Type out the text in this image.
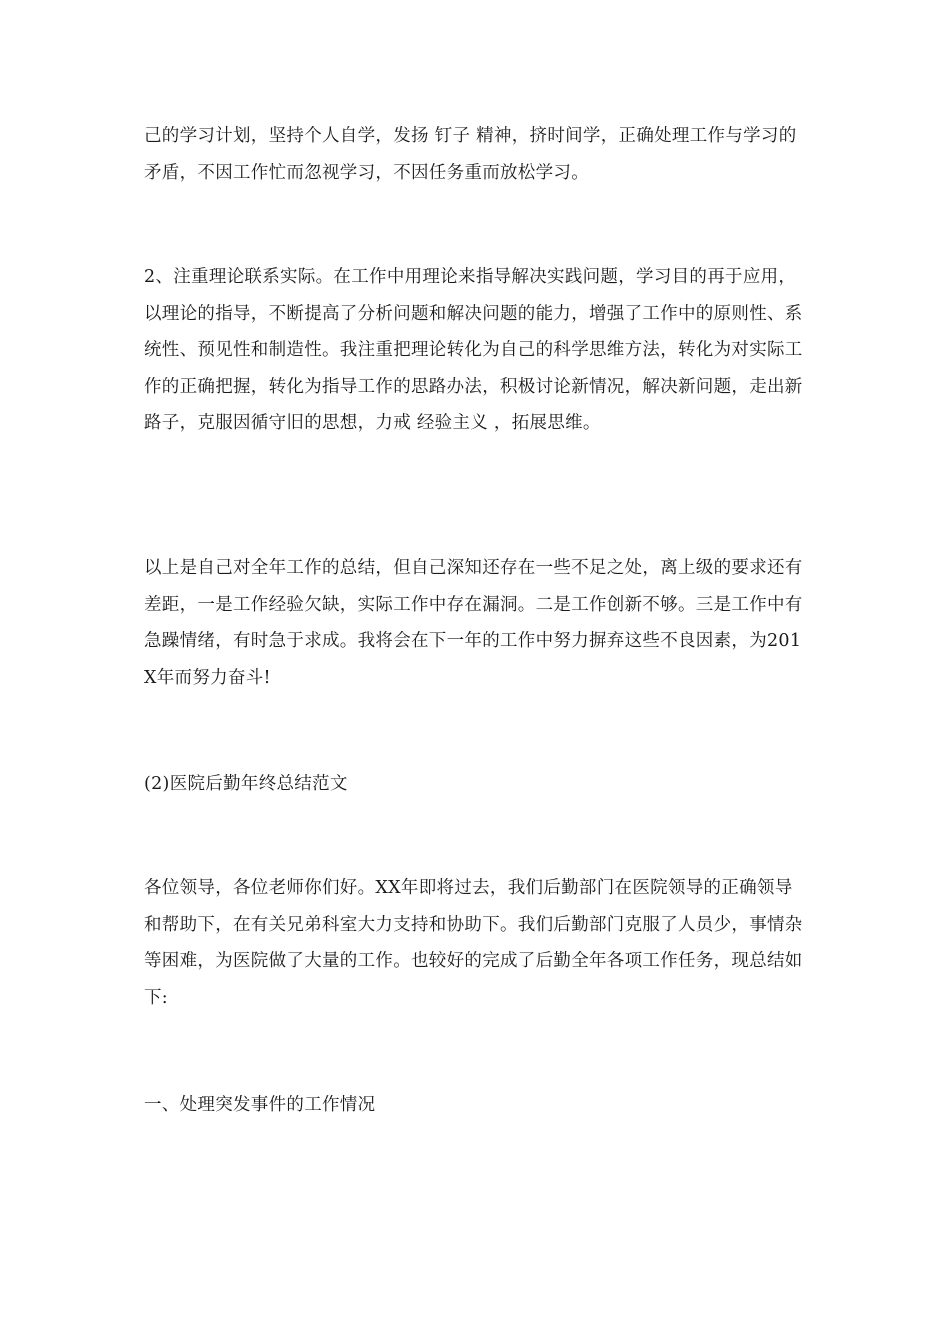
己的学习计划，坚持个人自学，发扬 钉子 精神，挤时间学，正确处理工作与学习的矛盾，不因工作忙而忽视学习，不因任务重而放松学习。

2、注重理论联系实际。在工作中用理论来指导解决实践问题，学习目的再于应用，以理论的指导，不断提高了分析问题和解决问题的能力，增强了工作中的原则性、系统性、预见性和制造性。我注重把理论转化为自己的科学思维方法，转化为对实际工作的正确把握，转化为指导工作的思路办法，积极讨论新情况，解决新问题，走出新路子，克服因循守旧的思想，力戒 经验主义 ，拓展思维。

以上是自己对全年工作的总结，但自己深知还存在一些不足之处，离上级的要求还有差距，一是工作经验欠缺，实际工作中存在漏洞。二是工作创新不够。三是工作中有急躁情绪，有时急于求成。我将会在下一年的工作中努力摒弃这些不良因素，为201X年而努力奋斗!

(2)医院后勤年终总结范文

各位领导，各位老师你们好。XX年即将过去，我们后勤部门在医院领导的正确领导和帮助下，在有关兄弟科室大力支持和协助下。我们后勤部门克服了人员少，事情杂等困难，为医院做了大量的工作。也较好的完成了后勤全年各项工作任务，现总结如下:

一、处理突发事件的工作情况
